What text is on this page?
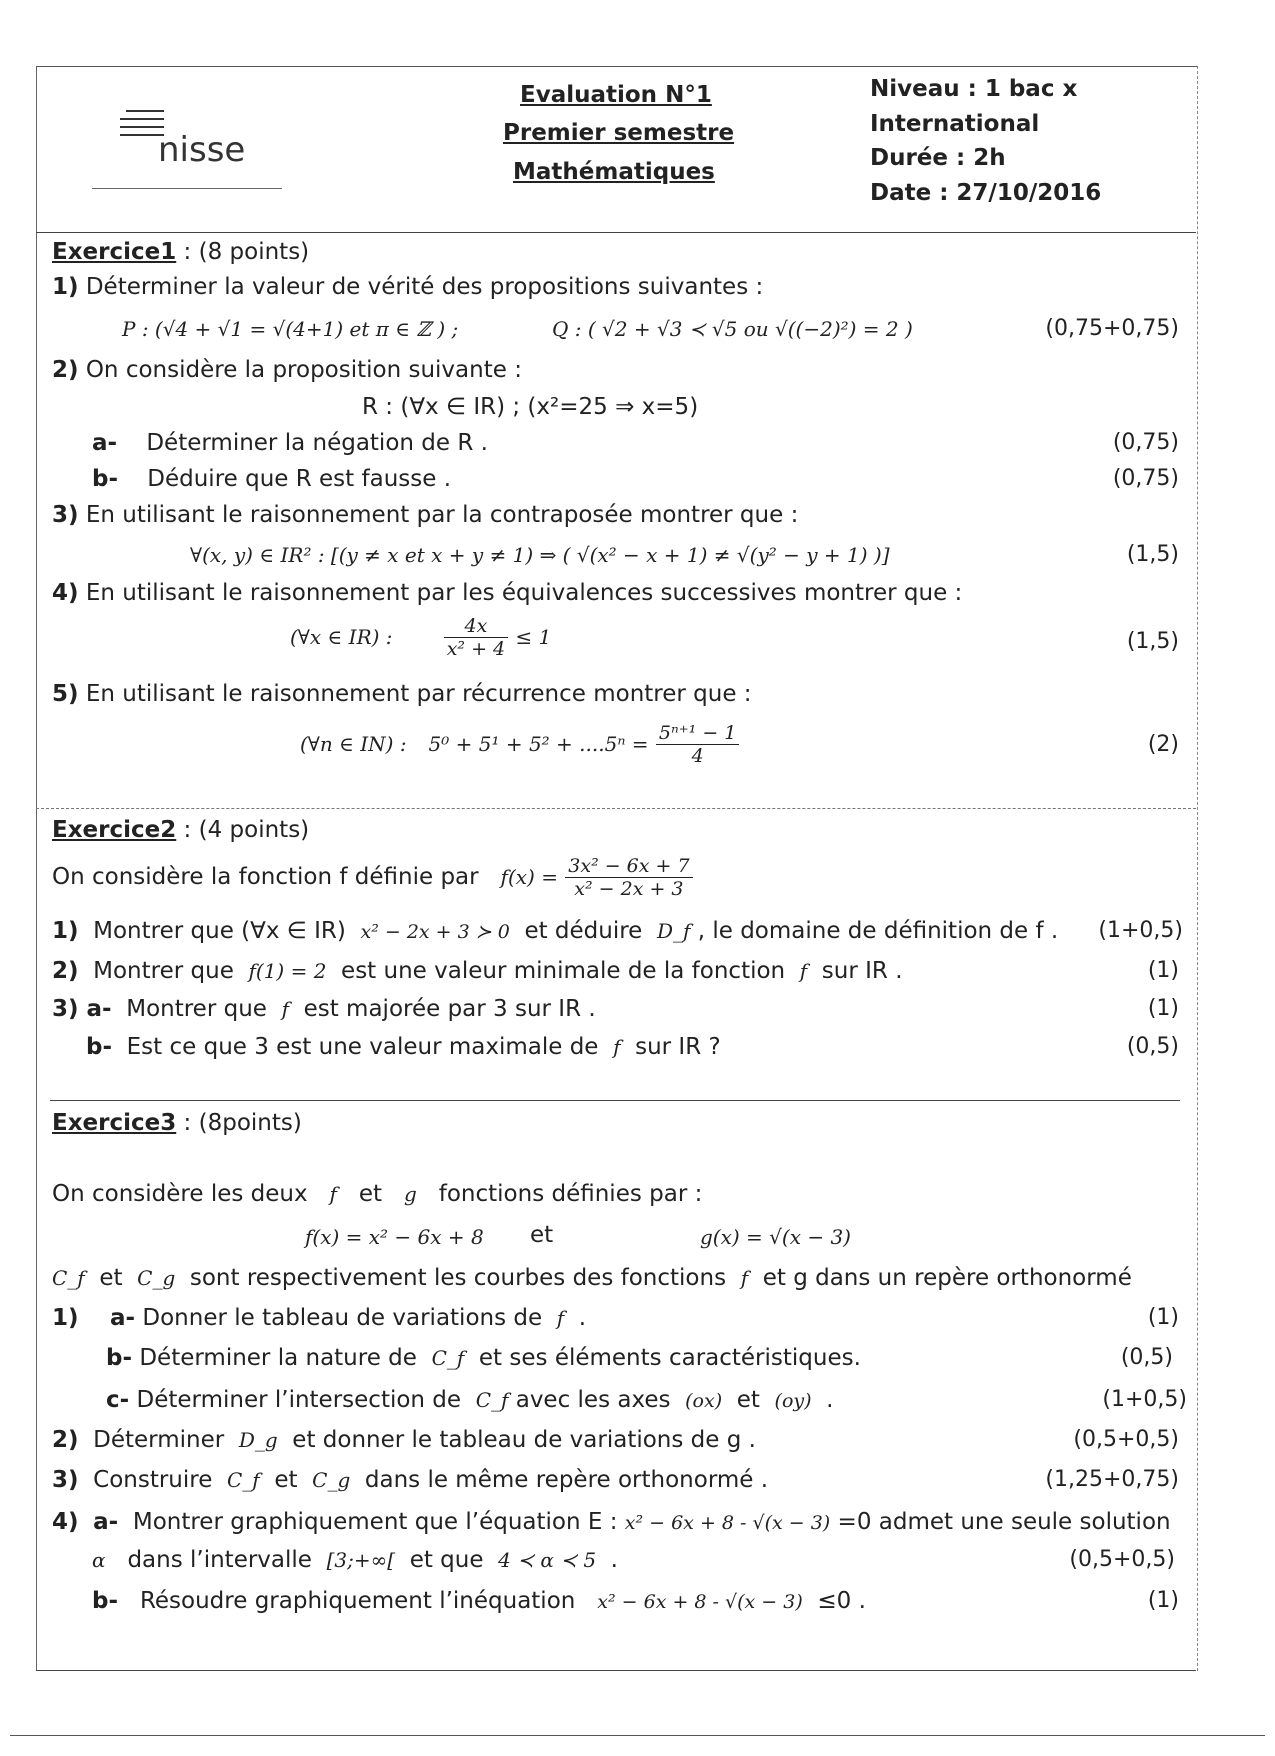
nisse
Evaluation N°1
Premier semestre
Mathématiques
Niveau : 1 bac x
International
Durée : 2h
Date : 27/10/2016
Exercice1 : (8 points)
1) Déterminer la valeur de vérité des propositions suivantes :
P : (√4 + √1 = √(4+1) et π ∈ ℤ ) ;	Q : ( √2 + √3 ≺ √5 ou √((−2)²) = 2 )	(0,75+0,75)
2) On considère la proposition suivante :
R : (∀x ∈ IR) ; (x²=25 ⇒ x=5)
a- Déterminer la négation de R .	(0,75)
b- Déduire que R est fausse .	(0,75)
3) En utilisant le raisonnement par la contraposée montrer que :
∀(x, y) ∈ IR² : [(y ≠ x et x + y ≠ 1) ⇒ ( √(x² − x + 1) ≠ √(y² − y + 1) )]	(1,5)
4) En utilisant le raisonnement par les équivalences successives montrer que :
(∀x ∈ IR) :	$\frac{4x}{\text{x² + 4}} \le 1$	(1,5)
5) En utilisant le raisonnement par récurrence montrer que :
(∀n ∈ IN) : $5^0 + 5^1 + 5^2 + ....5^n = \frac{\text{5ⁿ⁺¹ − 1}}{4}$	(2)
Exercice2 : (4 points)
On considère la fonction f définie par $f(x) = \frac{\text{3x² − 6x + 7}}{\text{x² − 2x + 3}}$
1) Montrer que (∀x ∈ IR) x² − 2x + 3 ≻ 0 et déduire D_f , le domaine de définition de f . (1+0,5)
2) Montrer que f(1) = 2 est une valeur minimale de la fonction f sur IR .	(1)
3) a- Montrer que f est majorée par 3 sur IR .	(1)
b- Est ce que 3 est une valeur maximale de f sur IR ?	(0,5)
Exercice3 : (8points)
On considère les deux f et g fonctions définies par :
f(x) = x² − 6x + 8 et	g(x) = √(x − 3)
C_f et C_g sont respectivement les courbes des fonctions f et g dans un repère orthonormé
1) a- Donner le tableau de variations de f .	(1)
b- Déterminer la nature de C_f et ses éléments caractéristiques.	(0,5)
c- Déterminer l’intersection de C_f avec les axes (ox) et (oy) .	(1+0,5)
2) Déterminer D_g et donner le tableau de variations de g .	(0,5+0,5)
3) Construire C_f et C_g dans le même repère orthonormé .	(1,25+0,75)
4) a- Montrer graphiquement que l’équation E : x² − 6x + 8 - √(x − 3) =0 admet une seule solution
α dans l’intervalle [3;+∞[ et que 4 ≺ α ≺ 5 .	(0,5+0,5)
b- Résoudre graphiquement l’inéquation x² − 6x + 8 - √(x − 3) ≤0 .	(1)
